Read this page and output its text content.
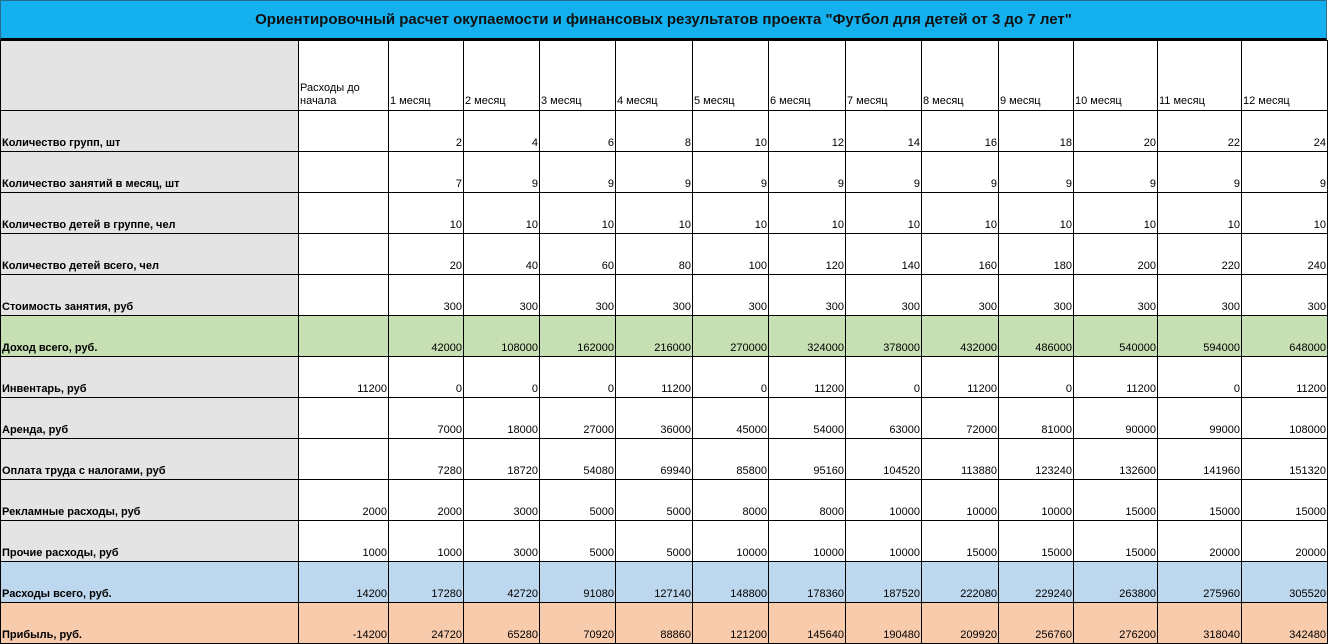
Ориентировочный расчет окупаемости и финансовых результатов проекта "Футбол для детей от 3 до 7 лет"
	Расходы до начала	1 месяц	2 месяц	3 месяц	4 месяц	5 месяц	6 месяц	7 месяц	8 месяц	9 месяц	10 месяц	11 месяц	12 месяц
Количество групп, шт		2	4	6	8	10	12	14	16	18	20	22	24
Количество занятий в месяц, шт		7	9	9	9	9	9	9	9	9	9	9	9
Количество детей в группе, чел		10	10	10	10	10	10	10	10	10	10	10	10
Количество детей всего, чел		20	40	60	80	100	120	140	160	180	200	220	240
Стоимость занятия, руб		300	300	300	300	300	300	300	300	300	300	300	300
Доход всего, руб.		42000	108000	162000	216000	270000	324000	378000	432000	486000	540000	594000	648000
Инвентарь, руб	11200	0	0	0	11200	0	11200	0	11200	0	11200	0	11200
Аренда, руб		7000	18000	27000	36000	45000	54000	63000	72000	81000	90000	99000	108000
Оплата труда с налогами, руб		7280	18720	54080	69940	85800	95160	104520	113880	123240	132600	141960	151320
Рекламные расходы, руб	2000	2000	3000	5000	5000	8000	8000	10000	10000	10000	15000	15000	15000
Прочие расходы, руб	1000	1000	3000	5000	5000	10000	10000	10000	15000	15000	15000	20000	20000
Расходы всего, руб.	14200	17280	42720	91080	127140	148800	178360	187520	222080	229240	263800	275960	305520
Прибыль, руб.	-14200	24720	65280	70920	88860	121200	145640	190480	209920	256760	276200	318040	342480
